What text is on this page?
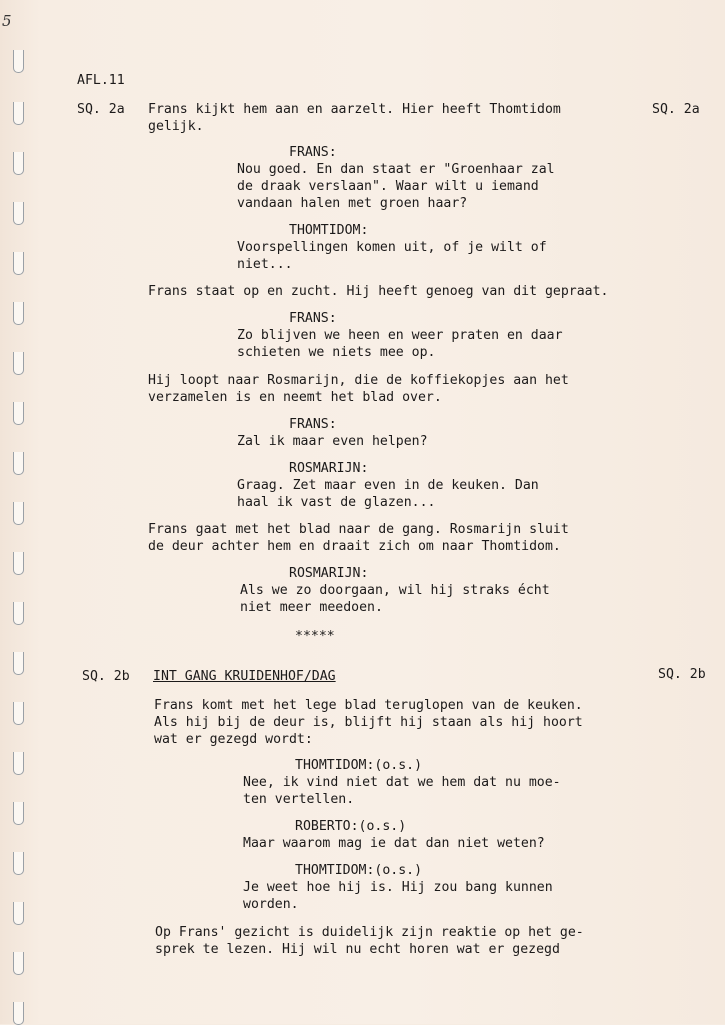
5
AFL.11
SQ. 2a	SQ. 2a
Frans kijkt hem aan en aarzelt. Hier heeft Thomtidom
gelijk.
FRANS:
Nou goed. En dan staat er "Groenhaar zal
de draak verslaan". Waar wilt u iemand
vandaan halen met groen haar?
THOMTIDOM:
Voorspellingen komen uit, of je wilt of
niet...
Frans staat op en zucht. Hij heeft genoeg van dit gepraat.
FRANS:
Zo blijven we heen en weer praten en daar
schieten we niets mee op.
Hij loopt naar Rosmarijn, die de koffiekopjes aan het
verzamelen is en neemt het blad over.
FRANS:
Zal ik maar even helpen?
ROSMARIJN:
Graag. Zet maar even in de keuken. Dan
haal ik vast de glazen...
Frans gaat met het blad naar de gang. Rosmarijn sluit
de deur achter hem en draait zich om naar Thomtidom.
ROSMARIJN:
Als we zo doorgaan, wil hij straks écht
niet meer meedoen.
*****
SQ. 2b	SQ. 2b
INT GANG KRUIDENHOF/DAG
Frans komt met het lege blad teruglopen van de keuken.
Als hij bij de deur is, blijft hij staan als hij hoort
wat er gezegd wordt:
THOMTIDOM:(o.s.)
Nee, ik vind niet dat we hem dat nu moe-
ten vertellen.
ROBERTO:(o.s.)
Maar waarom mag ie dat dan niet weten?
THOMTIDOM:(o.s.)
Je weet hoe hij is. Hij zou bang kunnen
worden.
Op Frans' gezicht is duidelijk zijn reaktie op het ge-
sprek te lezen. Hij wil nu echt horen wat er gezegd
